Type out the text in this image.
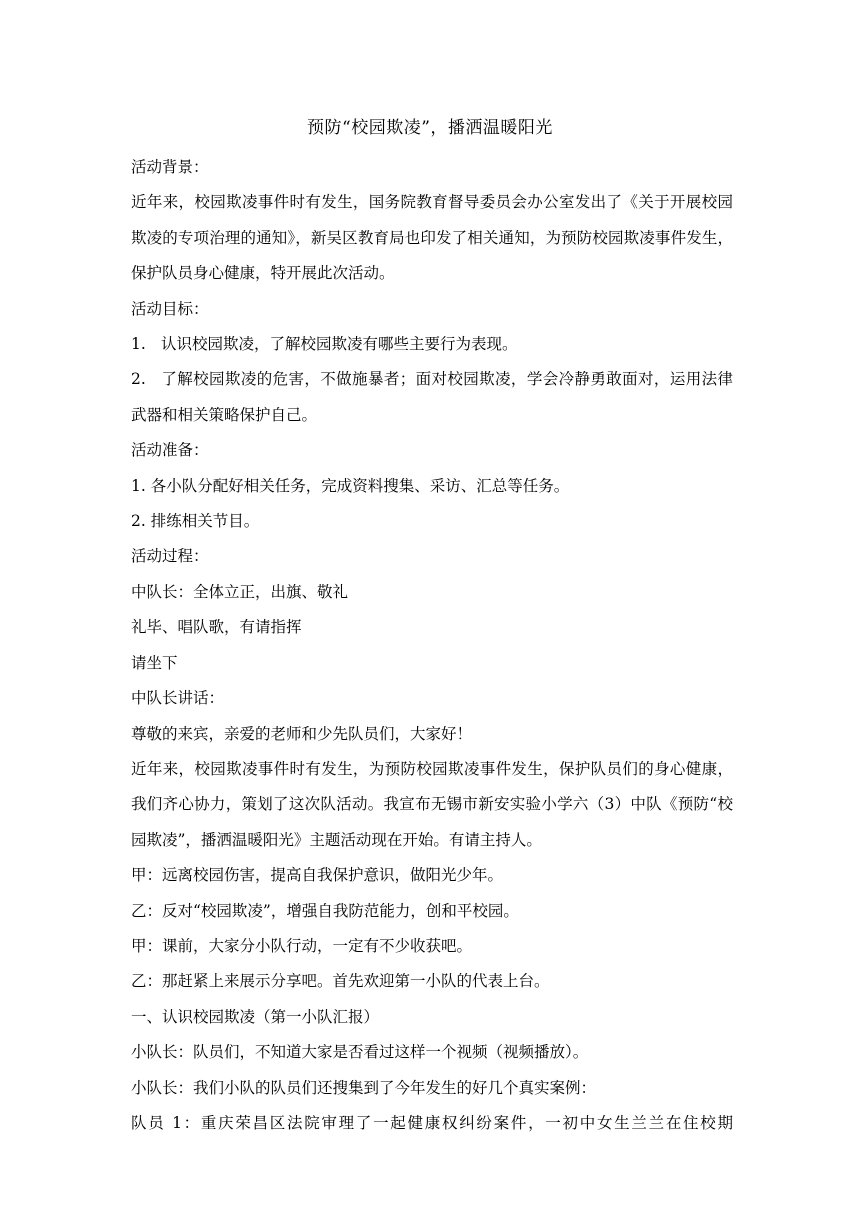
预防“校园欺凌”，播洒温暖阳光

活动背景：

近年来，校园欺凌事件时有发生，国务院教育督导委员会办公室发出了《关于开展校园欺凌的专项治理的通知》，新吴区教育局也印发了相关通知，为预防校园欺凌事件发生，保护队员身心健康，特开展此次活动。

活动目标：

1. 认识校园欺凌，了解校园欺凌有哪些主要行为表现。

2. 了解校园欺凌的危害，不做施暴者；面对校园欺凌，学会冷静勇敢面对，运用法律武器和相关策略保护自己。

活动准备：

1. 各小队分配好相关任务，完成资料搜集、采访、汇总等任务。

2. 排练相关节目。

活动过程：

中队长：全体立正，出旗、敬礼

礼毕、唱队歌，有请指挥

请坐下

中队长讲话：

尊敬的来宾，亲爱的老师和少先队员们，大家好！

近年来，校园欺凌事件时有发生，为预防校园欺凌事件发生，保护队员们的身心健康，我们齐心协力，策划了这次队活动。我宣布无锡市新安实验小学六（3）中队《预防“校园欺凌”，播洒温暖阳光》主题活动现在开始。有请主持人。

甲：远离校园伤害，提高自我保护意识，做阳光少年。

乙：反对“校园欺凌”，增强自我防范能力，创和平校园。

甲：课前，大家分小队行动，一定有不少收获吧。

乙：那赶紧上来展示分享吧。首先欢迎第一小队的代表上台。

一、认识校园欺凌（第一小队汇报）

小队长：队员们，不知道大家是否看过这样一个视频（视频播放）。

小队长：我们小队的队员们还搜集到了今年发生的好几个真实案例：

队员 1：重庆荣昌区法院审理了一起健康权纠纷案件，一初中女生兰兰在住校期
